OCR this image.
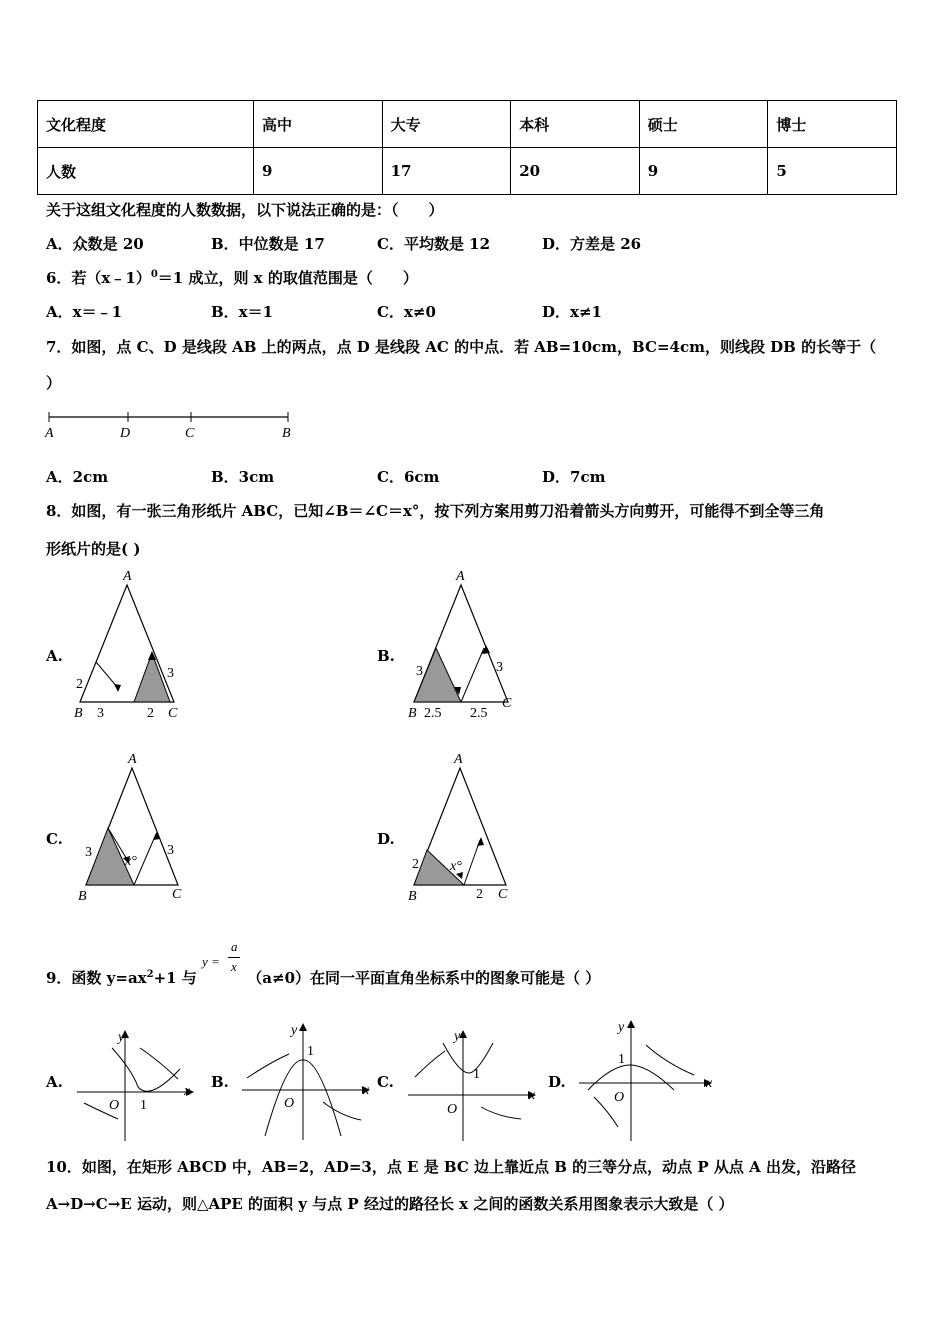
文化程度	高中	大专	本科	硕士	博士
人数	9	17	20	9	5
关于这组文化程度的人数数据，以下说法正确的是：（　　）
A．众数是 20	B．中位数是 17	C．平均数是 12	D．方差是 26
6．若（x﹣1）$^0$＝1 成立，则 x 的取值范围是（　　）
A．x＝﹣1	B．x＝1	C．x≠0	D．x≠1
7．如图，点 C、D 是线段 AB 上的两点，点 D 是线段 AC 的中点．若 AB=10cm，BC=4cm，则线段 DB 的长等于（
）
A	D	C	B
A．2cm	B．3cm	C．6cm	D．7cm
8．如图，有一张三角形纸片 ABC，已知∠B＝∠C＝x°，按下列方案用剪刀沿着箭头方向剪开，可能得不到全等三角
形纸片的是( )
A.
A
B	C
2
3	2
3
B.
A
B
C
3
2.5 2.5
3
C.
A
B	C
3	3
x°
D.
A
B	C
2
2
x°
9．函数 $y=ax^2+1$ 与
y =
a
x
（a≠0）在同一平面直角坐标系中的图象可能是（ ）
A.
y
x
O 1
B.
y
x
O
1
C.
y
x
O
1	D.
y
x
O
1
10．如图，在矩形 ABCD 中，AB=2，AD=3，点 E 是 BC 边上靠近点 B 的三等分点，动点 P 从点 A 出发，沿路径
A→D→C→E 运动，则△APE 的面积 y 与点 P 经过的路径长 x 之间的函数关系用图象表示大致是（ ）
